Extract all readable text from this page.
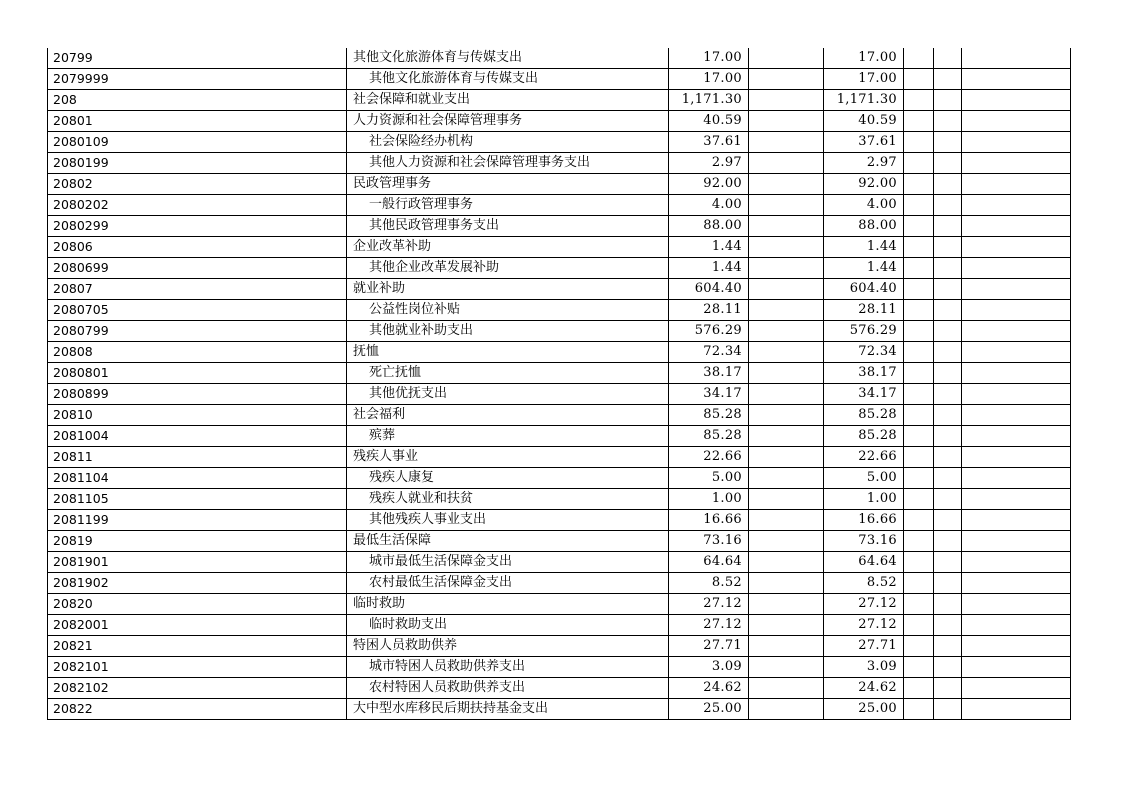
20799	其他文化旅游体育与传媒支出	17.00		17.00			
2079999	其他文化旅游体育与传媒支出	17.00		17.00			
208	社会保障和就业支出	1,171.30		1,171.30			
20801	人力资源和社会保障管理事务	40.59		40.59			
2080109	社会保险经办机构	37.61		37.61			
2080199	其他人力资源和社会保障管理事务支出	2.97		2.97			
20802	民政管理事务	92.00		92.00			
2080202	一般行政管理事务	4.00		4.00			
2080299	其他民政管理事务支出	88.00		88.00			
20806	企业改革补助	1.44		1.44			
2080699	其他企业改革发展补助	1.44		1.44			
20807	就业补助	604.40		604.40			
2080705	公益性岗位补贴	28.11		28.11			
2080799	其他就业补助支出	576.29		576.29			
20808	抚恤	72.34		72.34			
2080801	死亡抚恤	38.17		38.17			
2080899	其他优抚支出	34.17		34.17			
20810	社会福利	85.28		85.28			
2081004	殡葬	85.28		85.28			
20811	残疾人事业	22.66		22.66			
2081104	残疾人康复	5.00		5.00			
2081105	残疾人就业和扶贫	1.00		1.00			
2081199	其他残疾人事业支出	16.66		16.66			
20819	最低生活保障	73.16		73.16			
2081901	城市最低生活保障金支出	64.64		64.64			
2081902	农村最低生活保障金支出	8.52		8.52			
20820	临时救助	27.12		27.12			
2082001	临时救助支出	27.12		27.12			
20821	特困人员救助供养	27.71		27.71			
2082101	城市特困人员救助供养支出	3.09		3.09			
2082102	农村特困人员救助供养支出	24.62		24.62			
20822	大中型水库移民后期扶持基金支出	25.00		25.00			
